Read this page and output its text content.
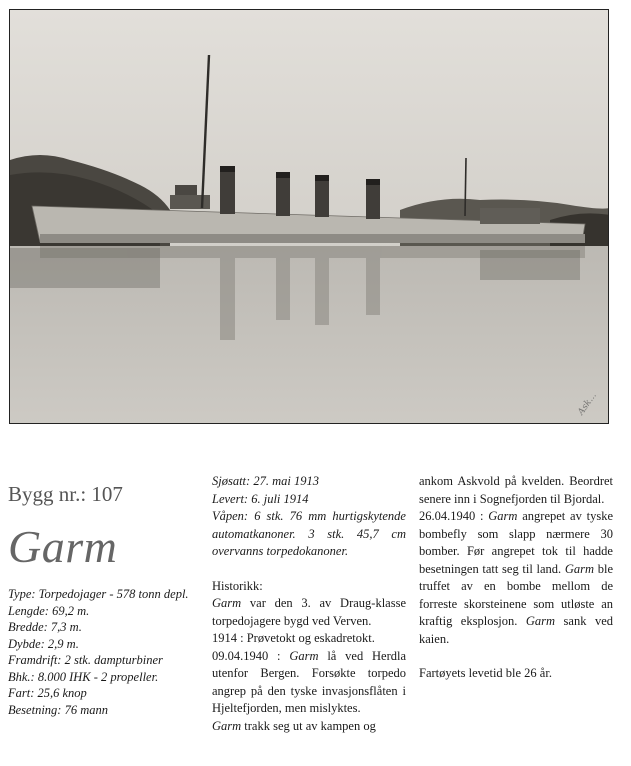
Ask...
Bygg nr.: 107
Garm

Type: Torpedojager - 578 tonn depl.

Lengde: 69,2 m.

Bredde: 7,3 m.

Dybde: 2,9 m.

Framdrift: 2 stk. dampturbiner

Bhk.: 8.000 IHK - 2 propeller.

Fart: 25,6 knop

Besetning: 76 mann

Sjøsatt: 27. mai 1913

Levert: 6. juli 1914

Våpen: 6 stk. 76 mm hurtigskytende automatkanoner. 3 stk. 45,7 cm overvanns torpedokanoner.

Historikk:

Garm var den 3. av Draug-klasse torpedojagere bygd ved Verven.

1914 : Prøvetokt og eskadretokt.

09.04.1940 : Garm lå ved Herdla utenfor Bergen. Forsøkte torpedo angrep på den tyske invasjonsflåten i Hjeltefjorden, men mislyktes.

Garm trakk seg ut av kampen og

ankom Askvold på kvelden. Beordret senere inn i Sognefjorden til Bjordal.

26.04.1940 : Garm angrepet av tyske bombefly som slapp nærmere 30 bomber. Før angrepet tok til hadde besetningen tatt seg til land. Garm ble truffet av en bombe mellom de forreste skorsteinene som utløste an kraftig eksplosjon. Garm sank ved kaien.

Fartøyets levetid ble 26 år.
